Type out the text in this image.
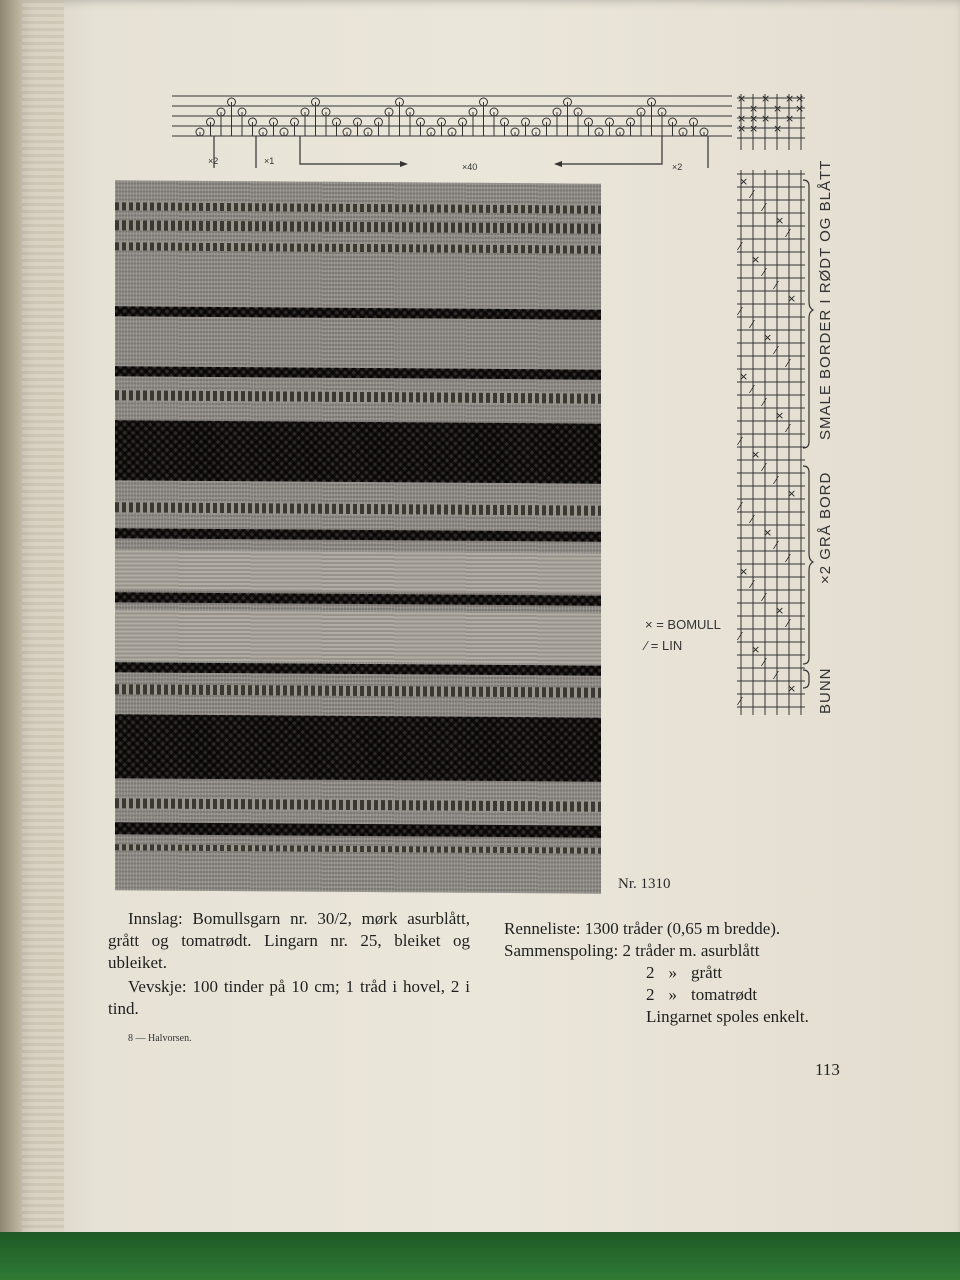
×2	×1
×40	×2
× × × ×
× × ×
× × × ×
× × ×
×
⁄
⁄
×
⁄
⁄
×
⁄
⁄
×
⁄
⁄
×
⁄
⁄
×
⁄
⁄
×
⁄
⁄
×
⁄
⁄
×
⁄
⁄
×
⁄
⁄
×
⁄
⁄
×
⁄
⁄
×
⁄
⁄
×
⁄
SMALE BORDER I RØDT OG BLÅTT
×2 GRÅ BORD
BUNN
Nr. 1310
× = BOMULL
⁄ = LIN

Innslag: Bomullsgarn nr. 30/2, mørk asurblått, grått og tomatrødt. Lingarn nr. 25, bleiket og ubleiket.

Vevskje: 100 tinder på 10 cm; 1 tråd i hovel, 2 i tind.

Renneliste: 1300 tråder (0,65 m bredde).
Sammenspoling: 2 tråder m. asurblått
2 » grått
2 » tomatrødt
Lingarnet spoles enkelt.
8 — Halvorsen.
113
